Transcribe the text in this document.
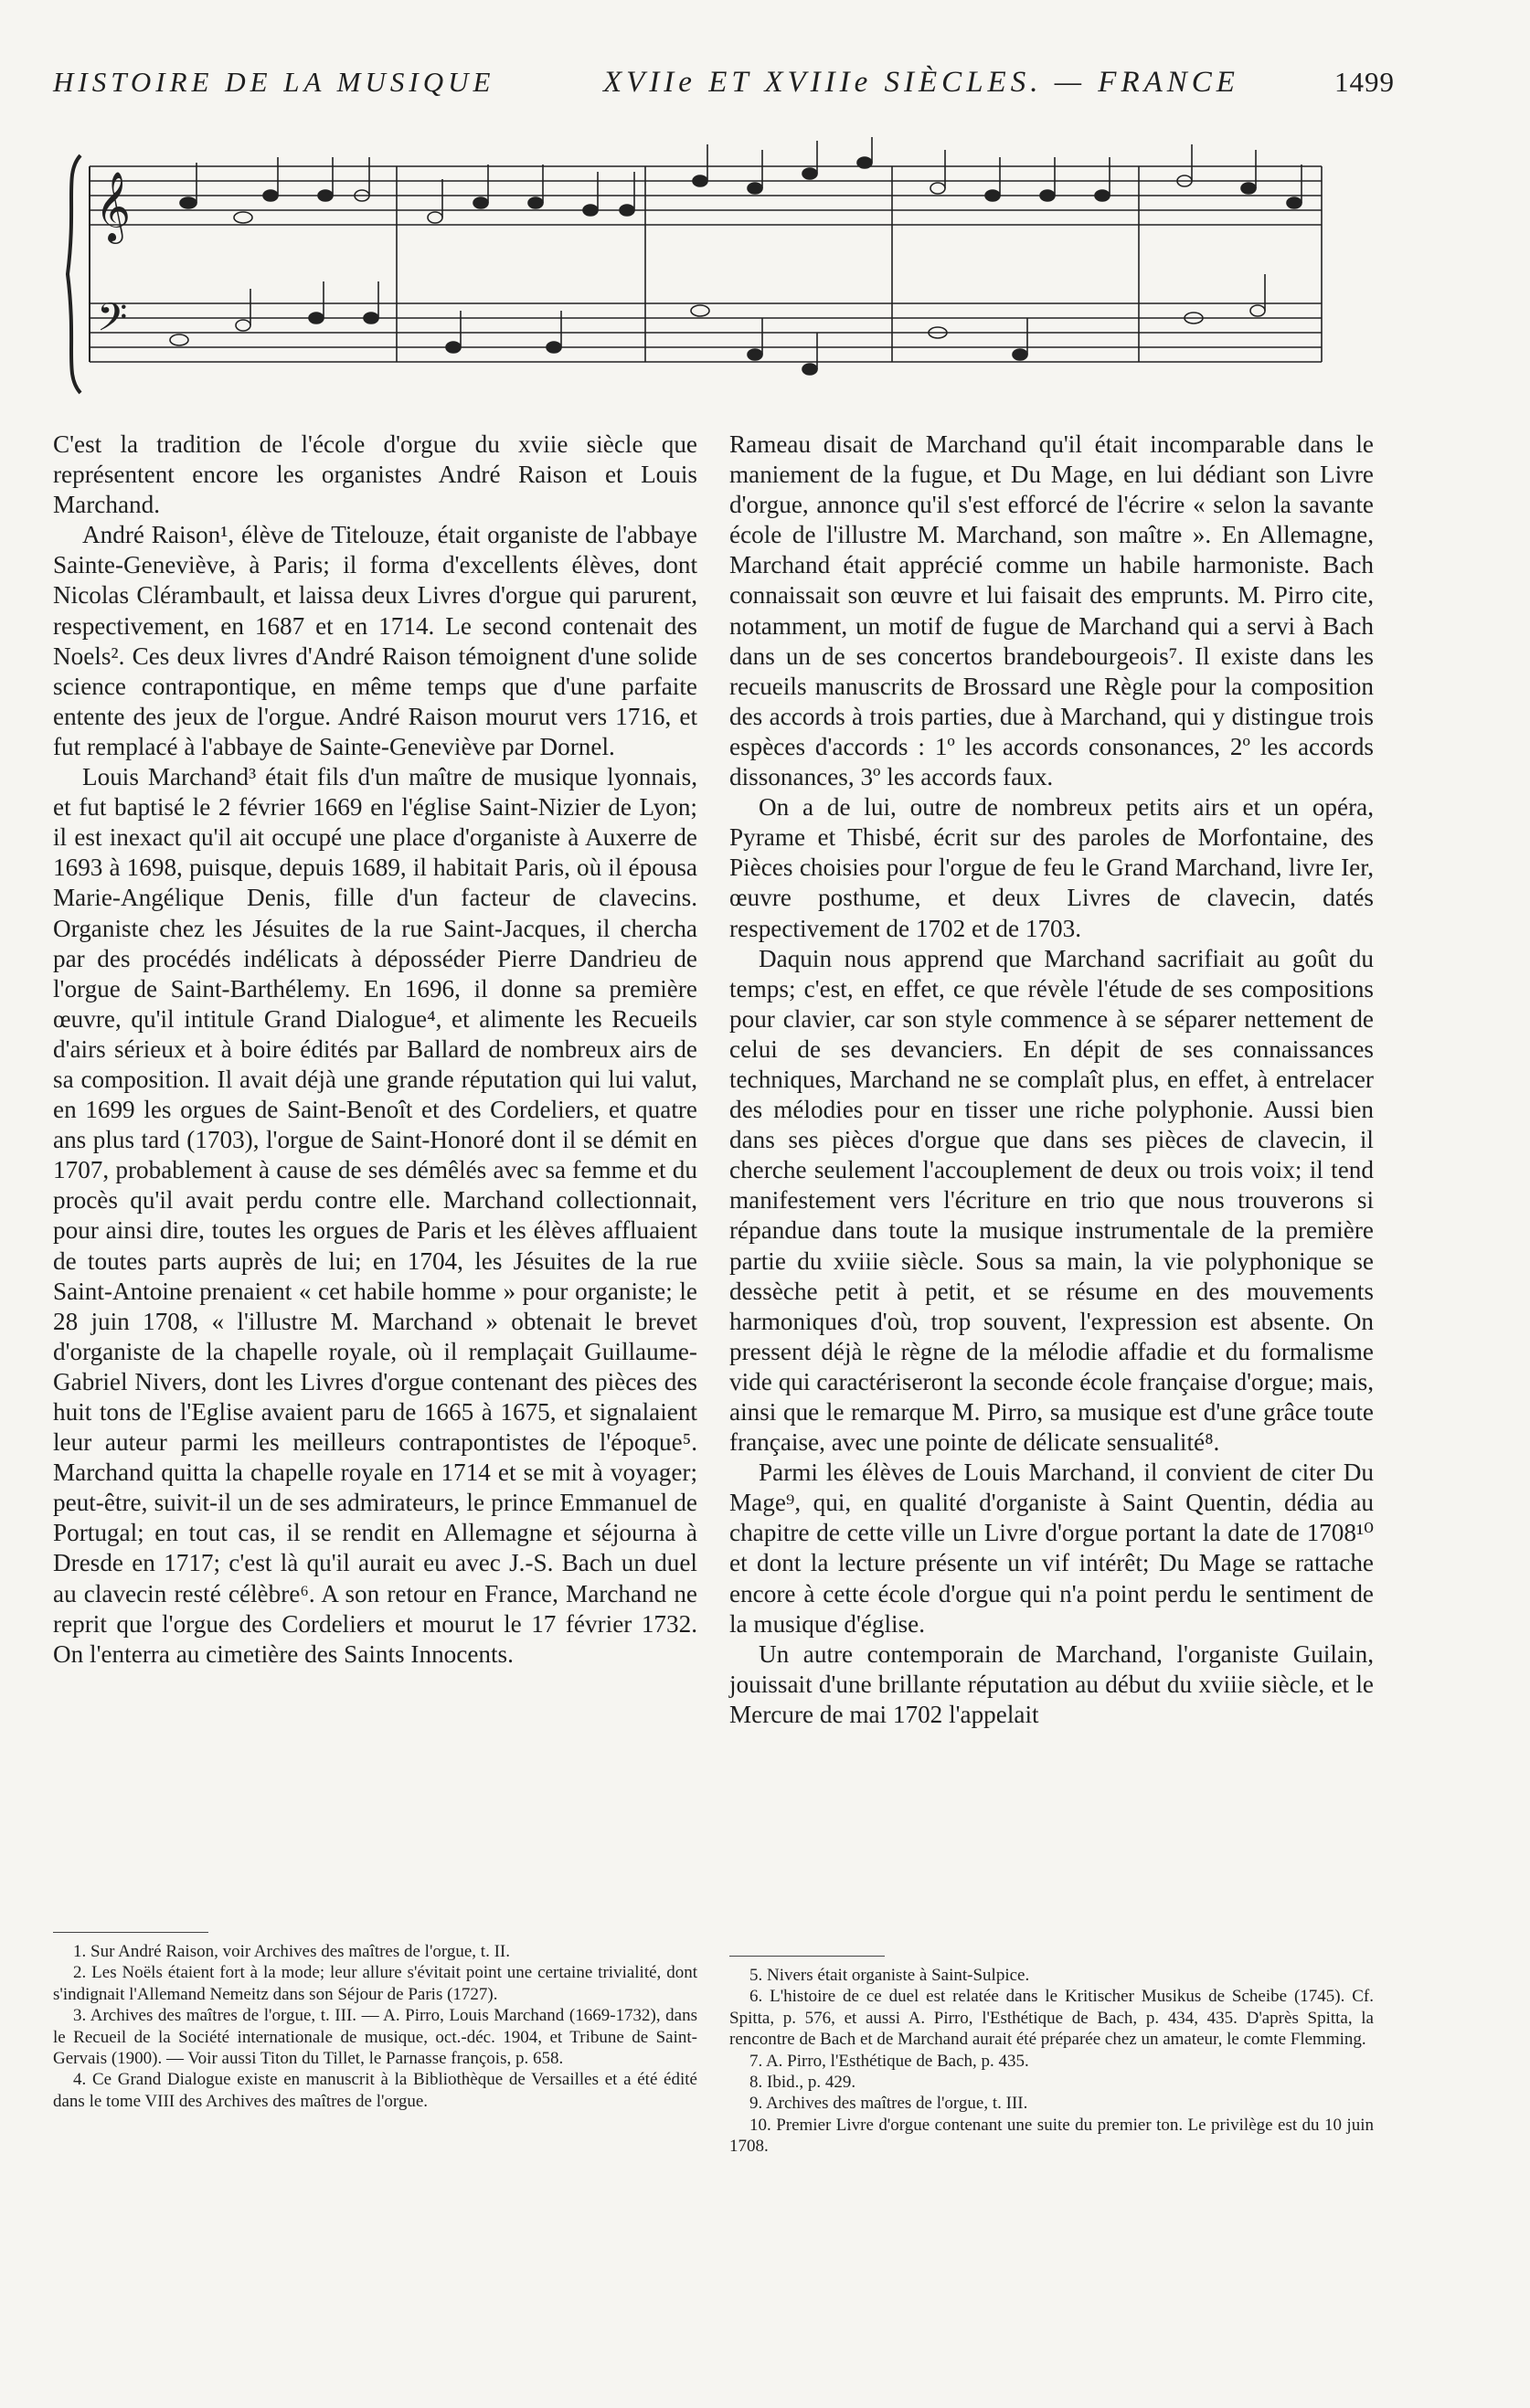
HISTOIRE DE LA MUSIQUE	XVIIe ET XVIIIe SIÈCLES. — FRANCE	1499
𝄞
𝄢

C'est la tradition de l'école d'orgue du xviie siècle que représentent encore les organistes André Raison et Louis Marchand.

André Raison¹, élève de Titelouze, était organiste de l'abbaye Sainte-Geneviève, à Paris; il forma d'excellents élèves, dont Nicolas Clérambault, et laissa deux Livres d'orgue qui parurent, respectivement, en 1687 et en 1714. Le second contenait des Noels². Ces deux livres d'André Raison témoignent d'une solide science contrapontique, en même temps que d'une parfaite entente des jeux de l'orgue. André Raison mourut vers 1716, et fut remplacé à l'abbaye de Sainte-Geneviève par Dornel.

Louis Marchand³ était fils d'un maître de musique lyonnais, et fut baptisé le 2 février 1669 en l'église Saint-Nizier de Lyon; il est inexact qu'il ait occupé une place d'organiste à Auxerre de 1693 à 1698, puisque, depuis 1689, il habitait Paris, où il épousa Marie-Angélique Denis, fille d'un facteur de clavecins. Organiste chez les Jésuites de la rue Saint-Jacques, il chercha par des procédés indélicats à déposséder Pierre Dandrieu de l'orgue de Saint-Barthélemy. En 1696, il donne sa première œuvre, qu'il intitule Grand Dialogue⁴, et alimente les Recueils d'airs sérieux et à boire édités par Ballard de nombreux airs de sa composition. Il avait déjà une grande réputation qui lui valut, en 1699 les orgues de Saint-Benoît et des Cordeliers, et quatre ans plus tard (1703), l'orgue de Saint-Honoré dont il se démit en 1707, probablement à cause de ses démêlés avec sa femme et du procès qu'il avait perdu contre elle. Marchand collectionnait, pour ainsi dire, toutes les orgues de Paris et les élèves affluaient de toutes parts auprès de lui; en 1704, les Jésuites de la rue Saint-Antoine prenaient « cet habile homme » pour organiste; le 28 juin 1708, « l'illustre M. Marchand » obtenait le brevet d'organiste de la chapelle royale, où il remplaçait Guillaume-Gabriel Nivers, dont les Livres d'orgue contenant des pièces des huit tons de l'Eglise avaient paru de 1665 à 1675, et signalaient leur auteur parmi les meilleurs contrapontistes de l'époque⁵. Marchand quitta la chapelle royale en 1714 et se mit à voyager; peut-être, suivit-il un de ses admirateurs, le prince Emmanuel de Portugal; en tout cas, il se rendit en Allemagne et séjourna à Dresde en 1717; c'est là qu'il aurait eu avec J.-S. Bach un duel au clavecin resté célèbre⁶. A son retour en France, Marchand ne reprit que l'orgue des Cordeliers et mourut le 17 février 1732. On l'enterra au cimetière des Saints Innocents.

Rameau disait de Marchand qu'il était incomparable dans le maniement de la fugue, et Du Mage, en lui dédiant son Livre d'orgue, annonce qu'il s'est efforcé de l'écrire « selon la savante école de l'illustre M. Marchand, son maître ». En Allemagne, Marchand était apprécié comme un habile harmoniste. Bach connaissait son œuvre et lui faisait des emprunts. M. Pirro cite, notamment, un motif de fugue de Marchand qui a servi à Bach dans un de ses concertos brandebourgeois⁷. Il existe dans les recueils manuscrits de Brossard une Règle pour la composition des accords à trois parties, due à Marchand, qui y distingue trois espèces d'accords : 1º les accords consonances, 2º les accords dissonances, 3º les accords faux.

On a de lui, outre de nombreux petits airs et un opéra, Pyrame et Thisbé, écrit sur des paroles de Morfontaine, des Pièces choisies pour l'orgue de feu le Grand Marchand, livre Ier, œuvre posthume, et deux Livres de clavecin, datés respectivement de 1702 et de 1703.

Daquin nous apprend que Marchand sacrifiait au goût du temps; c'est, en effet, ce que révèle l'étude de ses compositions pour clavier, car son style commence à se séparer nettement de celui de ses devanciers. En dépit de ses connaissances techniques, Marchand ne se complaît plus, en effet, à entrelacer des mélodies pour en tisser une riche polyphonie. Aussi bien dans ses pièces d'orgue que dans ses pièces de clavecin, il cherche seulement l'accouplement de deux ou trois voix; il tend manifestement vers l'écriture en trio que nous trouverons si répandue dans toute la musique instrumentale de la première partie du xviiie siècle. Sous sa main, la vie polyphonique se dessèche petit à petit, et se résume en des mouvements harmoniques d'où, trop souvent, l'expression est absente. On pressent déjà le règne de la mélodie affadie et du formalisme vide qui caractériseront la seconde école française d'orgue; mais, ainsi que le remarque M. Pirro, sa musique est d'une grâce toute française, avec une pointe de délicate sensualité⁸.

Parmi les élèves de Louis Marchand, il convient de citer Du Mage⁹, qui, en qualité d'organiste à Saint Quentin, dédia au chapitre de cette ville un Livre d'orgue portant la date de 1708¹⁰ et dont la lecture présente un vif intérêt; Du Mage se rattache encore à cette école d'orgue qui n'a point perdu le sentiment de la musique d'église.

Un autre contemporain de Marchand, l'organiste Guilain, jouissait d'une brillante réputation au début du xviiie siècle, et le Mercure de mai 1702 l'appelait

1. Sur André Raison, voir Archives des maîtres de l'orgue, t. II.

2. Les Noëls étaient fort à la mode; leur allure s'évitait point une certaine trivialité, dont s'indignait l'Allemand Nemeitz dans son Séjour de Paris (1727).

3. Archives des maîtres de l'orgue, t. III. — A. Pirro, Louis Marchand (1669-1732), dans le Recueil de la Société internationale de musique, oct.-déc. 1904, et Tribune de Saint-Gervais (1900). — Voir aussi Titon du Tillet, le Parnasse françois, p. 658.

4. Ce Grand Dialogue existe en manuscrit à la Bibliothèque de Versailles et a été édité dans le tome VIII des Archives des maîtres de l'orgue.

5. Nivers était organiste à Saint-Sulpice.

6. L'histoire de ce duel est relatée dans le Kritischer Musikus de Scheibe (1745). Cf. Spitta, p. 576, et aussi A. Pirro, l'Esthétique de Bach, p. 434, 435. D'après Spitta, la rencontre de Bach et de Marchand aurait été préparée chez un amateur, le comte Flemming.

7. A. Pirro, l'Esthétique de Bach, p. 435.

8. Ibid., p. 429.

9. Archives des maîtres de l'orgue, t. III.

10. Premier Livre d'orgue contenant une suite du premier ton. Le privilège est du 10 juin 1708.
